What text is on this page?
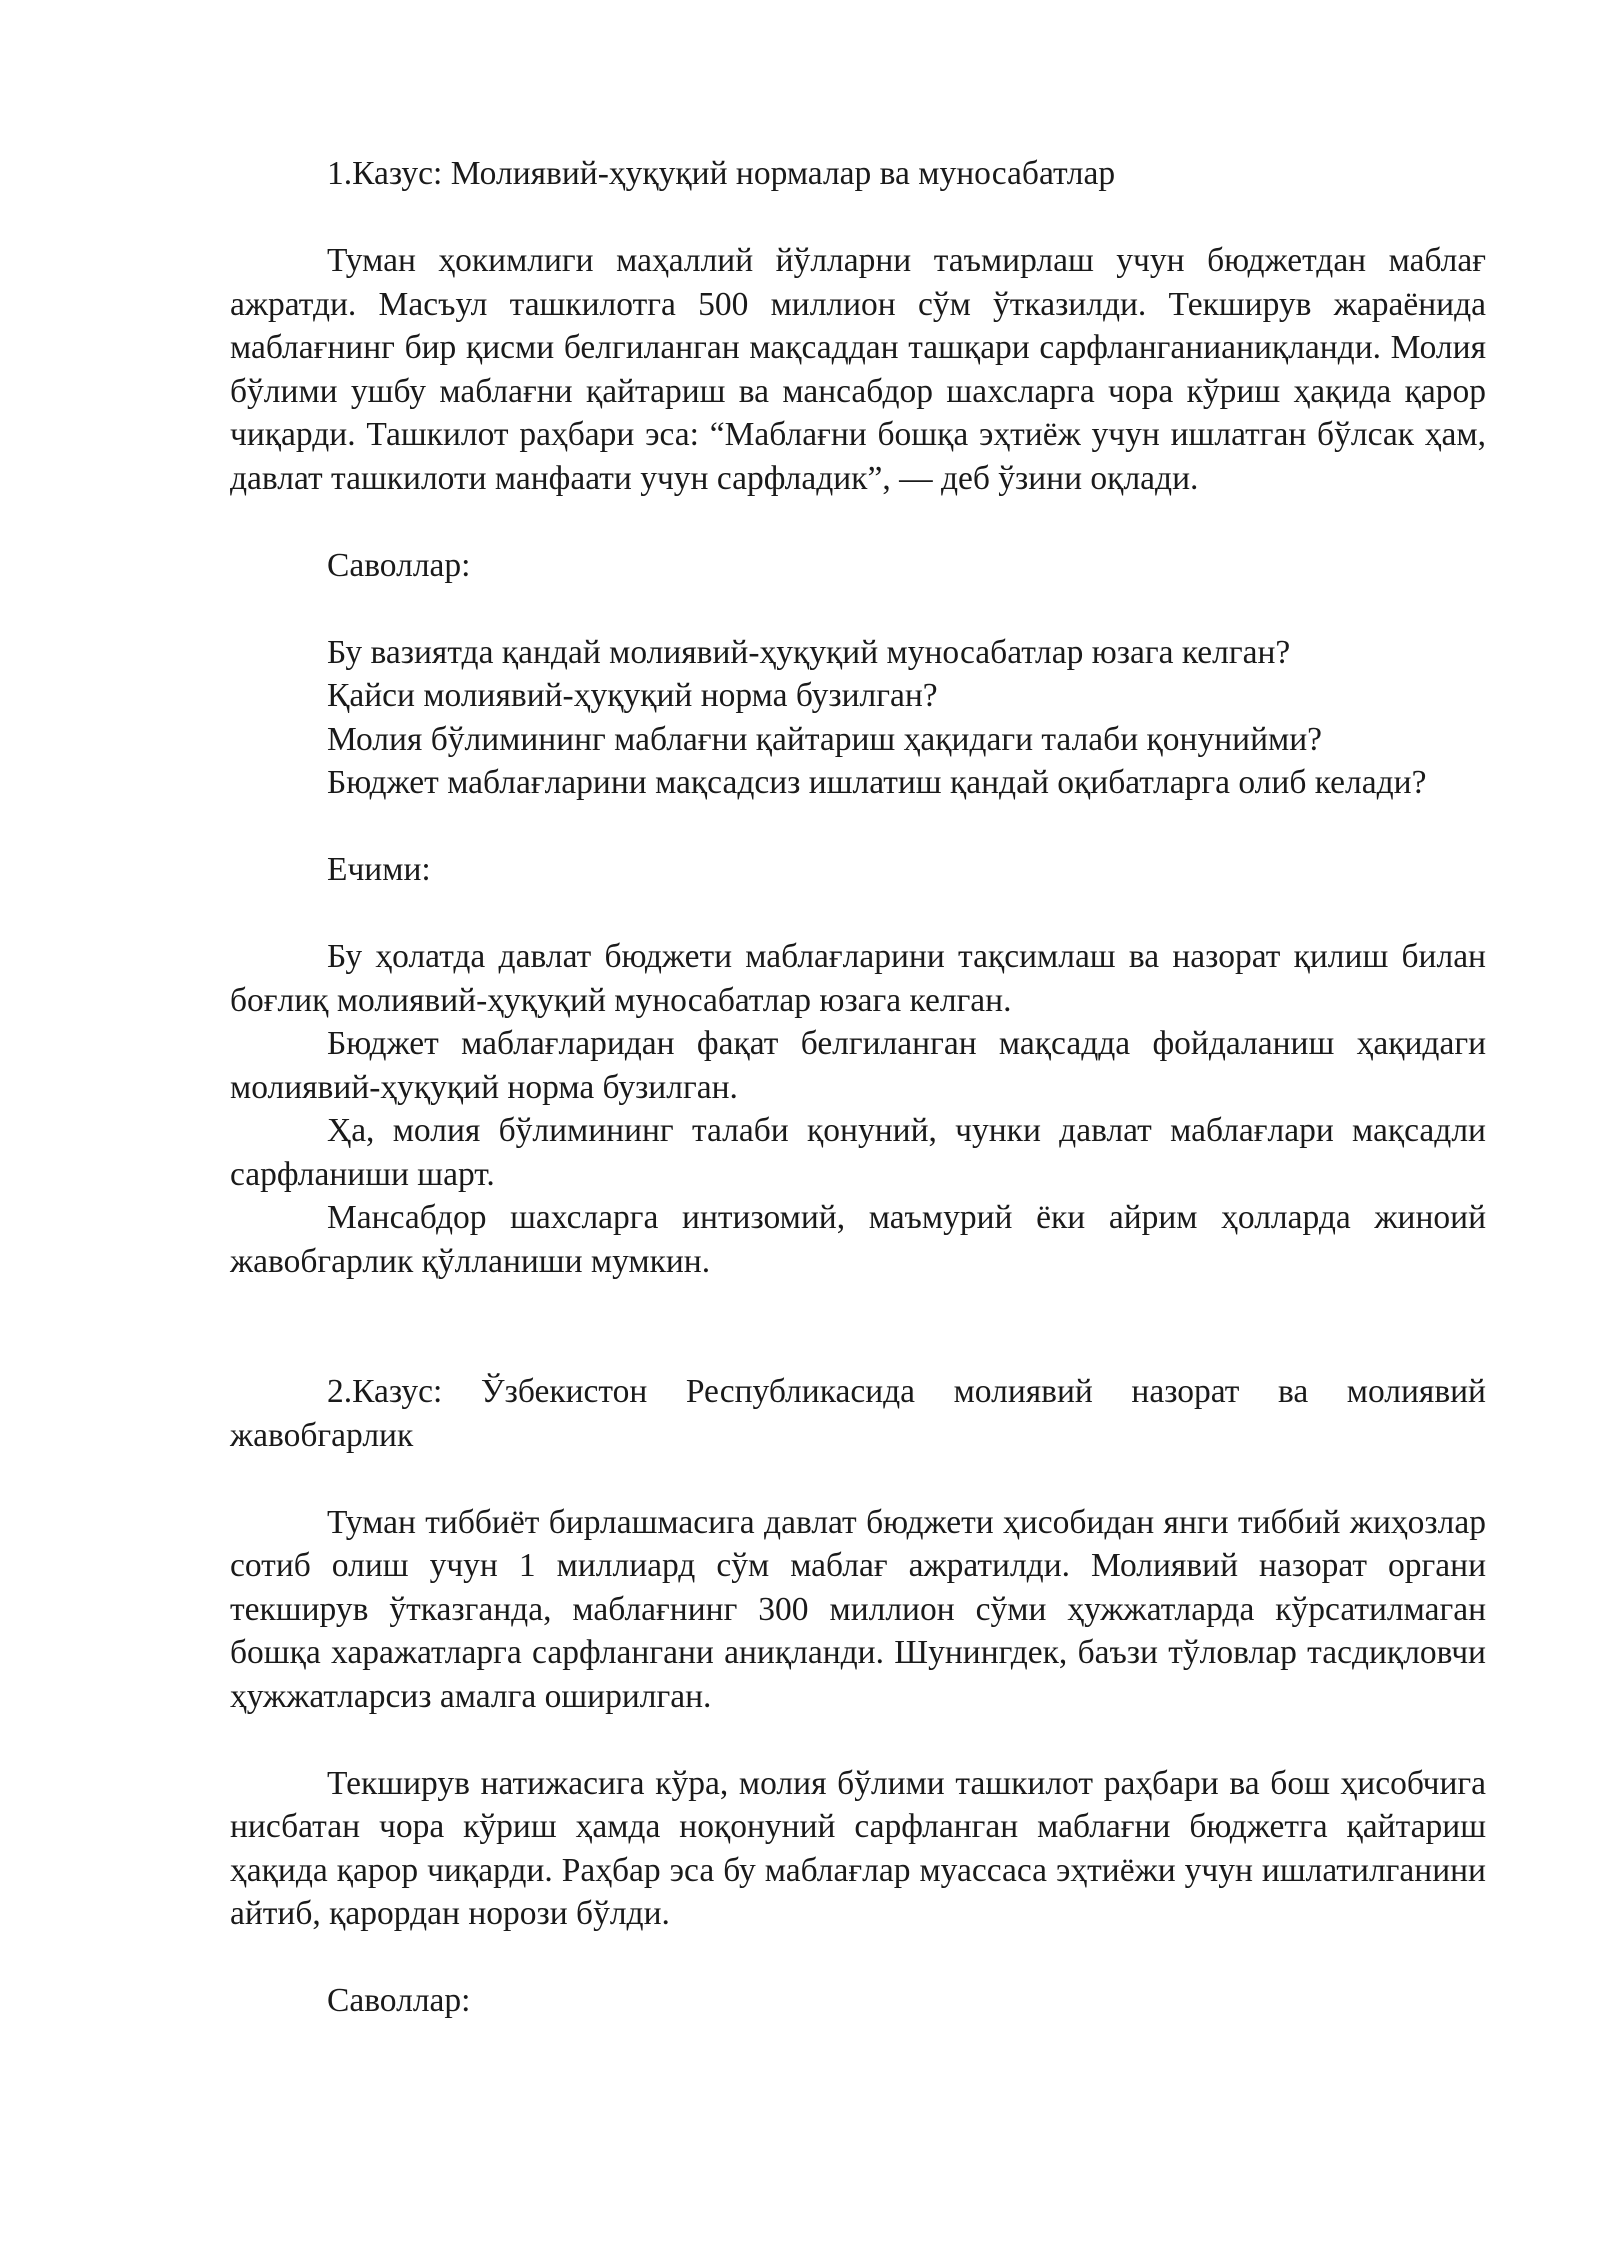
1.Казус: Молиявий-ҳуқуқий нормалар ва муносабатлар

Туман ҳокимлиги маҳаллий йўлларни таъмирлаш учун бюджетдан маблағ ажратди. Масъул ташкилотга 500 миллион сўм ўтказилди. Текширув жараёнида маблағнинг бир қисми белгиланган мақсаддан ташқари сарфланганианиқланди. Молия бўлими ушбу маблағни қайтариш ва мансабдор шахсларга чора кўриш ҳақида қарор чиқарди. Ташкилот раҳбари эса: “Маблағни бошқа эҳтиёж учун ишлатган бўлсак ҳам, давлат ташкилоти манфаати учун сарфладик”, — деб ўзини оқлади.

Саволлар:

Бу вазиятда қандай молиявий-ҳуқуқий муносабатлар юзага келган?

Қайси молиявий-ҳуқуқий норма бузилган?

Молия бўлимининг маблағни қайтариш ҳақидаги талаби қонунийми?

Бюджет маблағларини мақсадсиз ишлатиш қандай оқибатларга олиб келади?

Ечими:

Бу ҳолатда давлат бюджети маблағларини тақсимлаш ва назорат қилиш билан боғлиқ молиявий-ҳуқуқий муносабатлар юзага келган.

Бюджет маблағларидан фақат белгиланган мақсадда фойдаланиш ҳақидаги молиявий-ҳуқуқий норма бузилган.

Ҳа, молия бўлимининг талаби қонуний, чунки давлат маблағлари мақсадли сарфланиши шарт.

Мансабдор шахсларга интизомий, маъмурий ёки айрим ҳолларда жиноий жавобгарлик қўлланиши мумкин.

2.Казус: Ўзбекистон Республикасида молиявий назорат ва молиявий жавобгарлик

Туман тиббиёт бирлашмасига давлат бюджети ҳисобидан янги тиббий жиҳозлар сотиб олиш учун 1 миллиард сўм маблағ ажратилди. Молиявий назорат органи текширув ўтказганда, маблағнинг 300 миллион сўми ҳужжатларда кўрсатилмаган бошқа харажатларга сарфлангани аниқланди. Шунингдек, баъзи тўловлар тасдиқловчи ҳужжатларсиз амалга оширилган.

Текширув натижасига кўра, молия бўлими ташкилот раҳбари ва бош ҳисобчига нисбатан чора кўриш ҳамда ноқонуний сарфланган маблағни бюджетга қайтариш ҳақида қарор чиқарди. Раҳбар эса бу маблағлар муассаса эҳтиёжи учун ишлатилганини айтиб, қарордан норози бўлди.

Саволлар:
